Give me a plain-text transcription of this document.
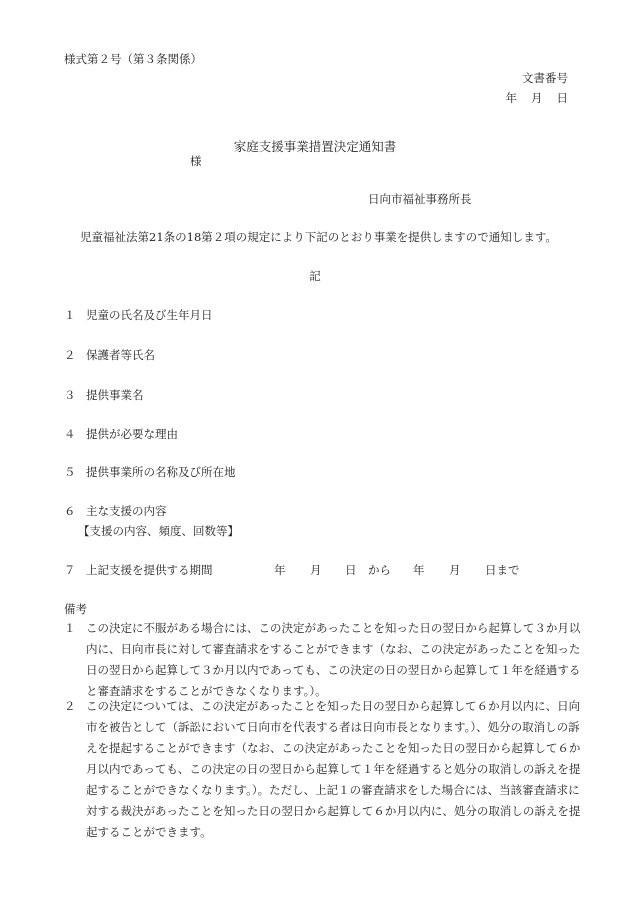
様式第２号（第３条関係）
文書番号
年 月 日
家庭支援事業措置決定通知書
様
日向市福祉事務所長
児童福祉法第21条の18第２項の規定により下記のとおり事業を提供しますので通知します。
記
１ 児童の氏名及び生年月日
２ 保護者等氏名
３ 提供事業名
４ 提供が必要な理由
５ 提供事業所の名称及び所在地
６ 主な支援の内容
【支援の内容、頻度、回数等】
７ 上記支援を提供する期間	年 月 日 から 年 月 日まで
備考
１ この決定に不服がある場合には、この決定があったことを知った日の翌日から起算して３か月以内に、日向市長に対して審査請求をすることができます（なお、この決定があったことを知った日の翌日から起算して３か月以内であっても、この決定の日の翌日から起算して１年を経過すると審査請求をすることができなくなります。）。
２ この決定については、この決定があったことを知った日の翌日から起算して６か月以内に、日向市を被告として（訴訟において日向市を代表する者は日向市長となります。）、処分の取消しの訴えを提起することができます（なお、この決定があったことを知った日の翌日から起算して６か月以内であっても、この決定の日の翌日から起算して１年を経過すると処分の取消しの訴えを提起することができなくなります。）。ただし、上記１の審査請求をした場合には、当該審査請求に対する裁決があったことを知った日の翌日から起算して６か月以内に、処分の取消しの訴えを提起することができます。
